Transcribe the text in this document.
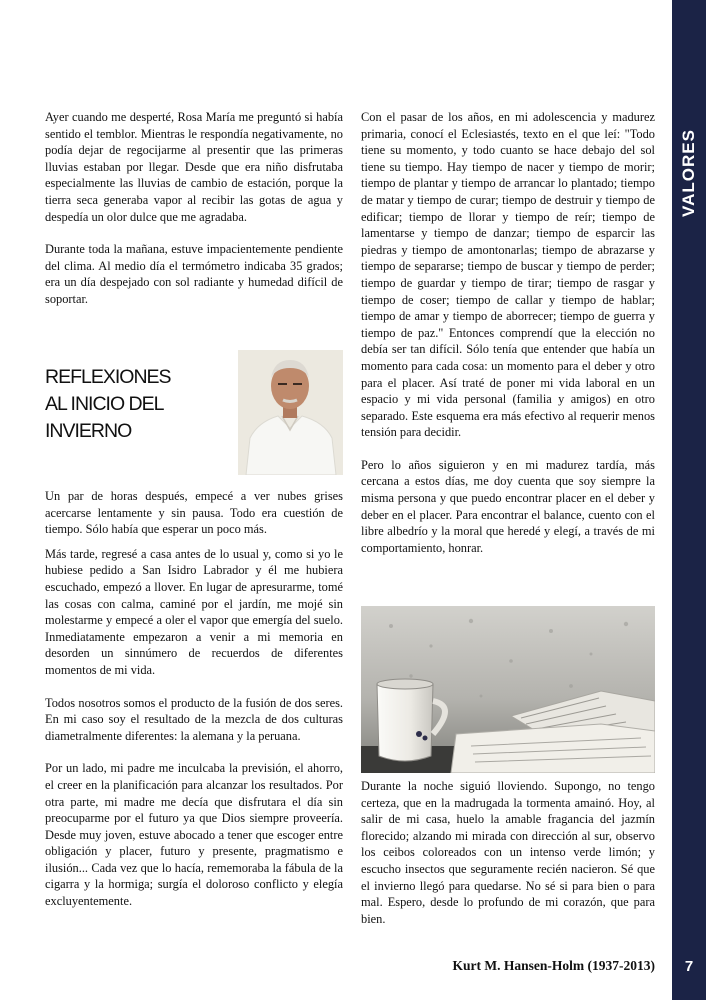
VALORES
7

Ayer cuando me desperté, Rosa María me preguntó si había sentido el temblor. Mientras le respondía negativamente, no podía dejar de regocijarme al presentir que las primeras lluvias estaban por llegar. Desde que era niño disfrutaba especialmente las lluvias de cambio de estación, porque la tierra seca generaba vapor al recibir las gotas de agua y despedía un olor dulce que me agradaba.

Durante toda la mañana, estuve impacientemente pendiente del clima. Al medio día el termómetro indicaba 35 grados; era un día despejado con sol radiante y humedad difícil de soportar.

REFLEXIONES
AL INICIO DEL
INVIERNO

Un par de horas después, empecé a ver nubes grises acercarse lentamente y sin pausa. Todo era cuestión de tiempo. Sólo había que esperar un poco más.

Más tarde, regresé a casa antes de lo usual y, como si yo le hubiese pedido a San Isidro Labrador y él me hubiera escuchado, empezó a llover. En lugar de apresurarme, tomé las cosas con calma, caminé por el jardín, me mojé sin molestarme y empecé a oler el vapor que emergía del suelo. Inmediatamente empezaron a venir a mi memoria en desorden un sinnúmero de recuerdos de diferentes momentos de mi vida.

Todos nosotros somos el producto de la fusión de dos seres. En mi caso soy el resultado de la mezcla de dos culturas diametralmente diferentes: la alemana y la peruana.

Por un lado, mi padre me inculcaba la previsión, el ahorro, el creer en la planificación para alcanzar los resultados. Por otra parte, mi madre me decía que disfrutara el día sin preocuparme por el futuro ya que Dios siempre proveería. Desde muy joven, estuve abocado a tener que escoger entre obligación y placer, futuro y presente, pragmatismo e ilusión... Cada vez que lo hacía, rememoraba la fábula de la cigarra y la hormiga; surgía el doloroso conflicto y elegía excluyentemente.

Con el pasar de los años, en mi adolescencia y madurez primaria, conocí el Eclesiastés, texto en el que leí: "Todo tiene su momento, y todo cuanto se hace debajo del sol tiene su tiempo. Hay tiempo de nacer y tiempo de morir; tiempo de plantar y tiempo de arrancar lo plantado; tiempo de matar y tiempo de curar; tiempo de destruir y tiempo de edificar; tiempo de llorar y tiempo de reír; tiempo de lamentarse y tiempo de danzar; tiempo de esparcir las piedras y tiempo de amontonarlas; tiempo de abrazarse y tiempo de separarse; tiempo de buscar y tiempo de perder; tiempo de guardar y tiempo de tirar; tiempo de rasgar y tiempo de coser; tiempo de callar y tiempo de hablar; tiempo de amar y tiempo de aborrecer; tiempo de guerra y tiempo de paz." Entonces comprendí que la elección no debía ser tan difícil. Sólo tenía que entender que había un momento para cada cosa: un momento para el deber y otro para el placer. Así traté de poner mi vida laboral en un espacio y mi vida personal (familia y amigos) en otro separado. Este esquema era más efectivo al requerir menos tensión para decidir.

Pero lo años siguieron y en mi madurez tardía, más cercana a estos días, me doy cuenta que soy siempre la misma persona y que puedo encontrar placer en el deber y deber en el placer. Para encontrar el balance, cuento con el libre albedrío y la moral que heredé y elegí, a través de mi comportamiento, honrar.

Durante la noche siguió lloviendo. Supongo, no tengo certeza, que en la madrugada la tormenta amainó. Hoy, al salir de mi casa, huelo la amable fragancia del jazmín florecido; alzando mi mirada con dirección al sur, observo los ceibos coloreados con un intenso verde limón; y escucho insectos que seguramente recién nacieron. Sé que el invierno llegó para quedarse. No sé si para bien o para mal. Espero, desde lo profundo de mi corazón, que para bien.

Kurt M. Hansen-Holm (1937-2013)
